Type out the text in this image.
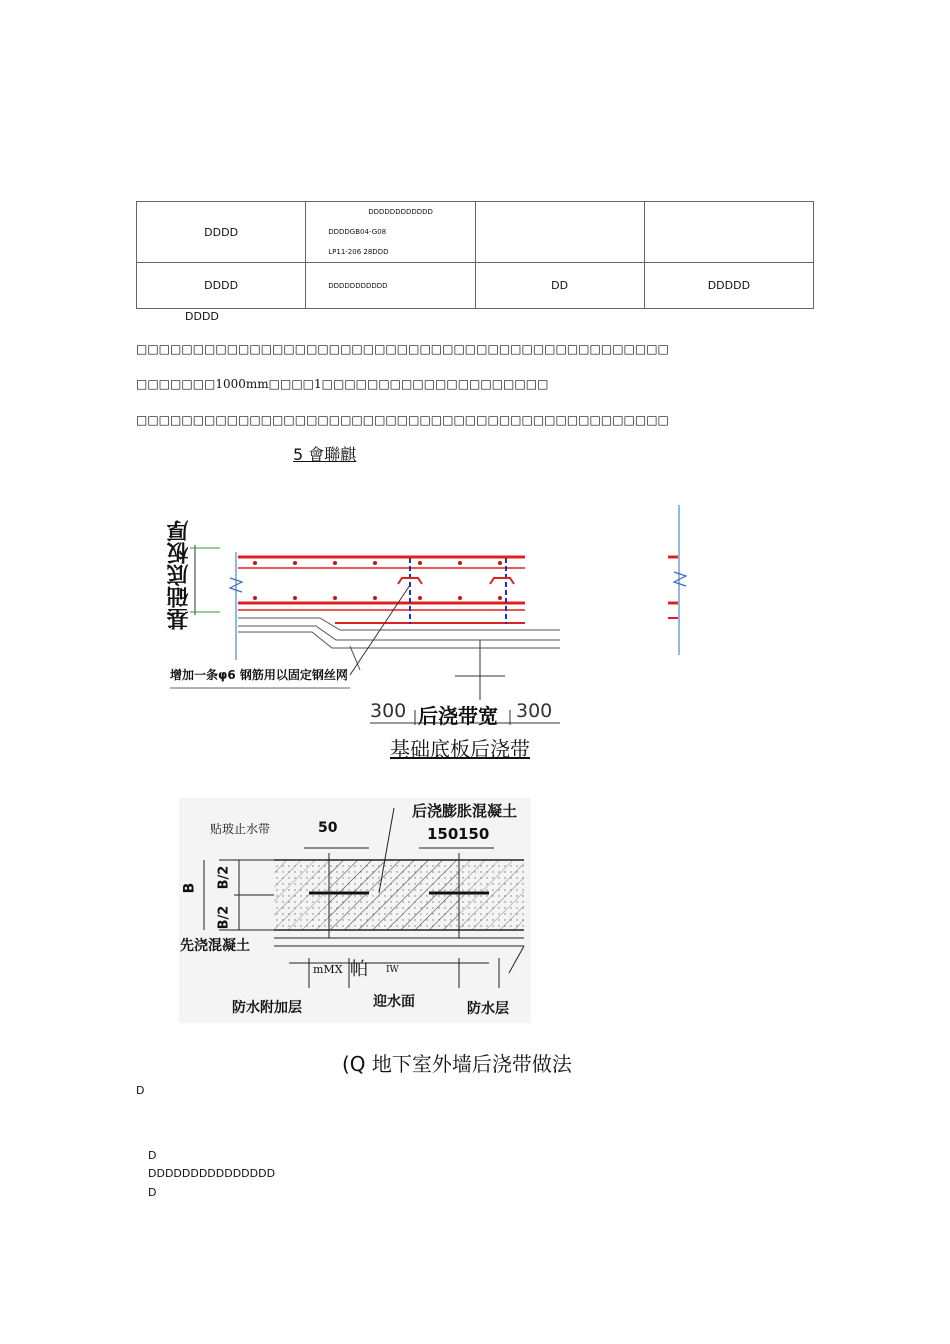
DDDD	DDDDDDDDDDDD
DDDDGB04-G08
LP11-206 28DDD		

DDDD	DDDDDDDDDDD	DD	DDDDD
DDDD
□□□□□□□□□□□□□□□□□□□□□□□□□□□□□□□□□□□□□□□□□□□□□□□
□□□□□□□1000mm□□□□1□□□□□□□□□□□□□□□□□□□□
□□□□□□□□□□□□□□□□□□□□□□□□□□□□□□□□□□□□□□□□□□□□□□□
5 會聯麒
基础底板厚
增加一条φ6 钢筋用以固定钢丝网
300 后浇带宽 300
基础底板后浇带
后浇膨胀混凝土
贴玻止水带	50	150 150
B B/2
B/2
先浇混凝土
mMX 帕 IW
防水附加层	迎水面	防水层
(Q 地下室外墙后浇带做法
D
D
DDDDDDDDDDDDDDD
D
